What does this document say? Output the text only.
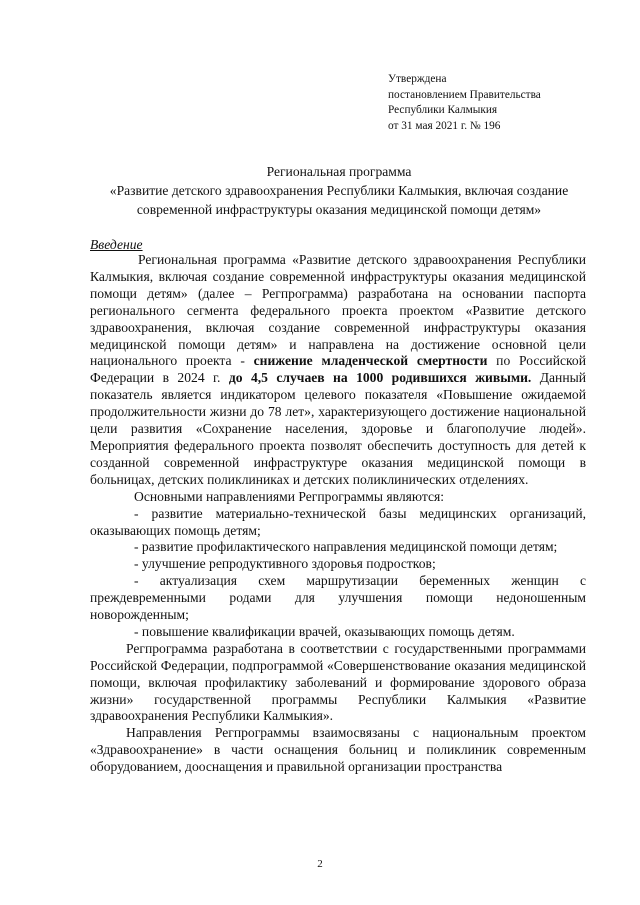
Утверждена
постановлением Правительства
Республики Калмыкия
от 31 мая 2021 г. № 196
Региональная программа
«Развитие детского здравоохранения Республики Калмыкия, включая создание современной инфраструктуры оказания медицинской помощи детям»
Введение

Региональная программа «Развитие детского здравоохранения Республики Калмыкия, включая создание современной инфраструктуры оказания медицинской помощи детям» (далее – Регпрограмма) разработана на основании паспорта регионального сегмента федерального проекта проектом «Развитие детского здравоохранения, включая создание современной инфраструктуры оказания медицинской помощи детям» и направлена на достижение основной цели национального проекта - снижение младенческой смертности по Российской Федерации в 2024 г. до 4,5 случаев на 1000 родившихся живыми. Данный показатель является индикатором целевого показателя «Повышение ожидаемой продолжительности жизни до 78 лет», характеризующего достижение национальной цели развития «Сохранение населения, здоровье и благополучие людей». Мероприятия федерального проекта позволят обеспечить доступность для детей к созданной современной инфраструктуре оказания медицинской помощи в больницах, детских поликлиниках и детских поликлинических отделениях.

Основными направлениями Регпрограммы являются:

- развитие материально-технической базы медицинских организаций, оказывающих помощь детям;

- развитие профилактического направления медицинской помощи детям;

- улучшение репродуктивного здоровья подростков;

- актуализация схем маршрутизации беременных женщин с преждевременными родами для улучшения помощи недоношенным новорожденным;

- повышение квалификации врачей, оказывающих помощь детям.

Регпрограмма разработана в соответствии с государственными программами Российской Федерации, подпрограммой «Совершенствование оказания медицинской помощи, включая профилактику заболеваний и формирование здорового образа жизни» государственной программы Республики Калмыкия «Развитие здравоохранения Республики Калмыкия».

Направления Регпрограммы взаимосвязаны с национальным проектом «Здравоохранение» в части оснащения больниц и поликлиник современным оборудованием, дооснащения и правильной организации пространства

2
